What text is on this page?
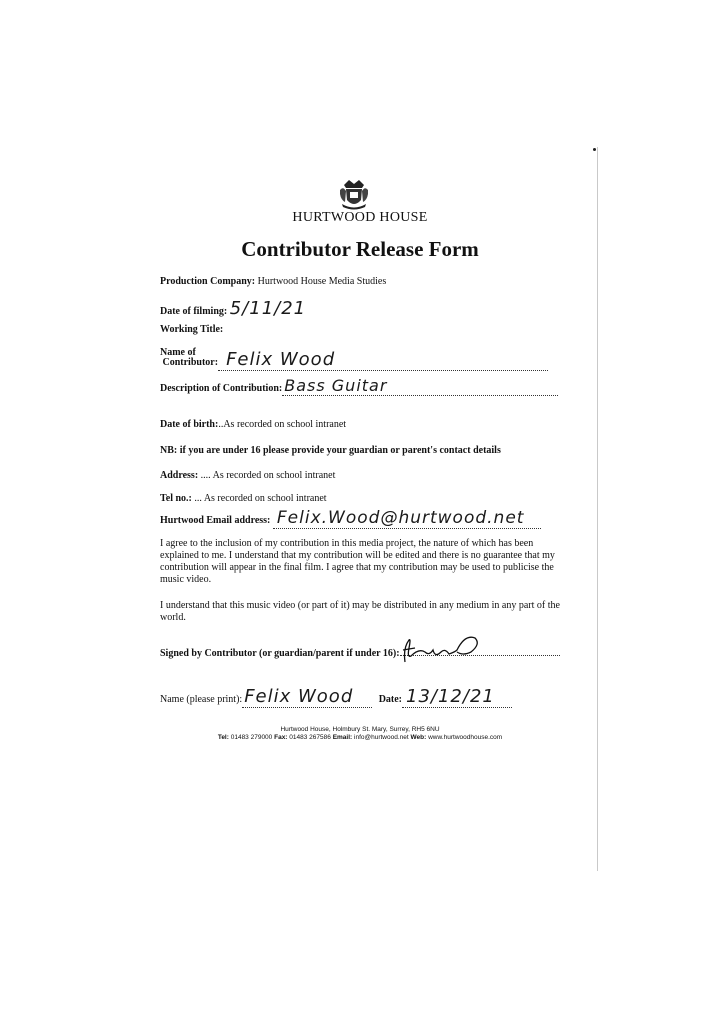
HURTWOOD HOUSE
Contributor Release Form
Production Company: Hurtwood House Media Studies
Date of filming: 5/11/21
Working Title:
Name of
Contributor: Felix Wood
Description of Contribution: Bass Guitar
Date of birth:..As recorded on school intranet
NB: if you are under 16 please provide your guardian or parent's contact details
Address: .... As recorded on school intranet
Tel no.: ... As recorded on school intranet
Hurtwood Email address: Felix.Wood@hurtwood.net
I agree to the inclusion of my contribution in this media project, the nature of which has been explained to me. I understand that my contribution will be edited and there is no guarantee that my contribution will appear in the final film. I agree that my contribution may be used to publicise the music video.
I understand that this music video (or part of it) may be distributed in any medium in any part of the world.
Signed by Contributor (or guardian/parent if under 16):
Name (please print): Felix Wood	Date: 13/12/21
Hurtwood House, Holmbury St. Mary, Surrey, RH5 6NU
Tel: 01483 279000 Fax: 01483 267586 Email: info@hurtwood.net Web: www.hurtwoodhouse.com
